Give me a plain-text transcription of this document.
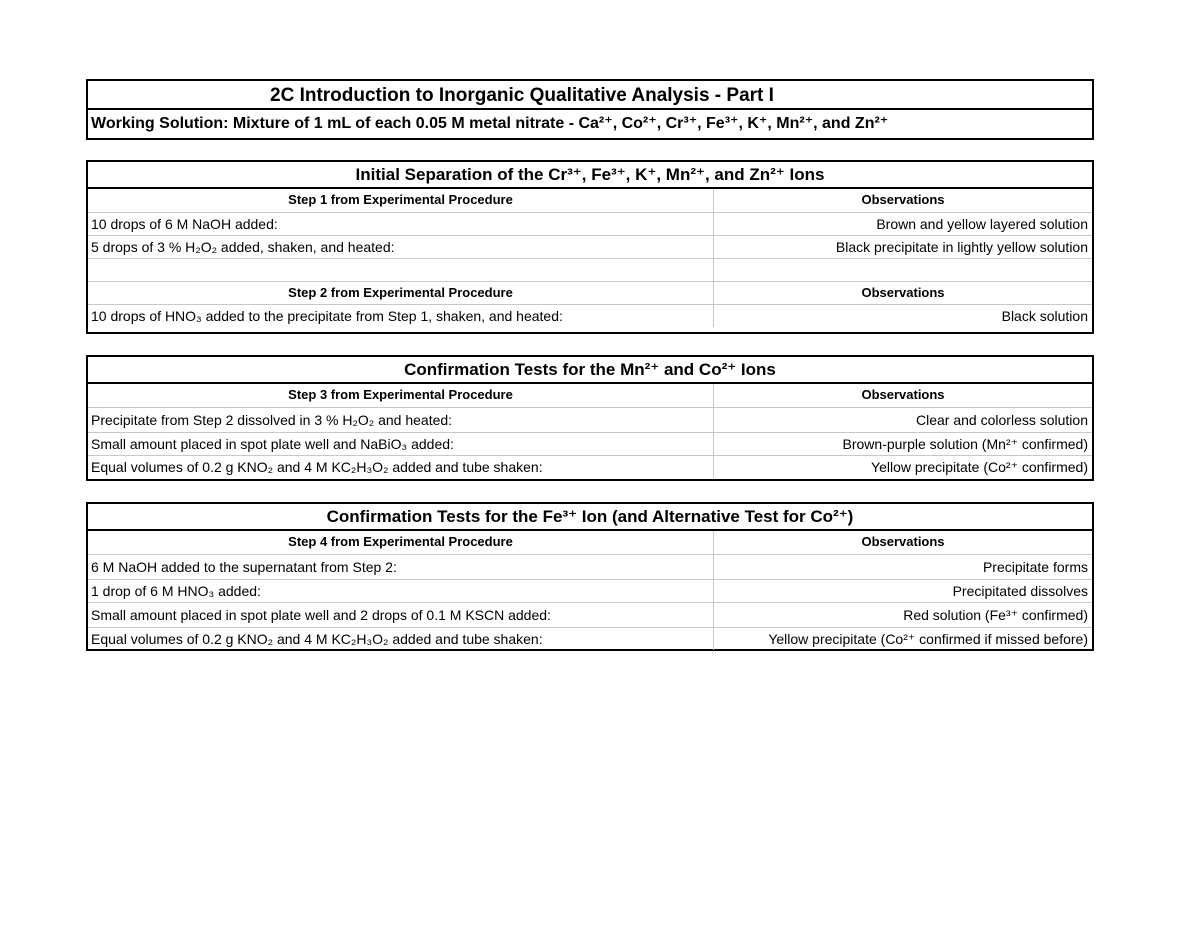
2C Introduction to Inorganic Qualitative Analysis - Part I
Working Solution: Mixture of 1 mL of each 0.05 M metal nitrate - Ca²⁺, Co²⁺, Cr³⁺, Fe³⁺, K⁺, Mn²⁺, and Zn²⁺
Initial Separation of the Cr³⁺, Fe³⁺, K⁺, Mn²⁺, and Zn²⁺ Ions
Step 1 from Experimental Procedure	Observations
10 drops of 6 M NaOH added:	Brown and yellow layered solution
5 drops of 3 % H₂O₂ added, shaken, and heated:	Black precipitate in lightly yellow solution
Step 2 from Experimental Procedure	Observations
10 drops of HNO₃ added to the precipitate from Step 1, shaken, and heated:	Black solution
Confirmation Tests for the Mn²⁺ and Co²⁺ Ions
Step 3 from Experimental Procedure	Observations
Precipitate from Step 2 dissolved in 3 % H₂O₂ and heated:	Clear and colorless solution
Small amount placed in spot plate well and NaBiO₃ added:	Brown-purple solution (Mn²⁺ confirmed)
Equal volumes of 0.2 g KNO₂ and 4 M KC₂H₃O₂ added and tube shaken:	Yellow precipitate (Co²⁺ confirmed)
Confirmation Tests for the Fe³⁺ Ion (and Alternative Test for Co²⁺)
Step 4 from Experimental Procedure	Observations
6 M NaOH added to the supernatant from Step 2:	Precipitate forms
1 drop of 6 M HNO₃ added:	Precipitated dissolves
Small amount placed in spot plate well and 2 drops of 0.1 M KSCN added:	Red solution (Fe³⁺ confirmed)
Equal volumes of 0.2 g KNO₂ and 4 M KC₂H₃O₂ added and tube shaken:	Yellow precipitate (Co²⁺ confirmed if missed before)
